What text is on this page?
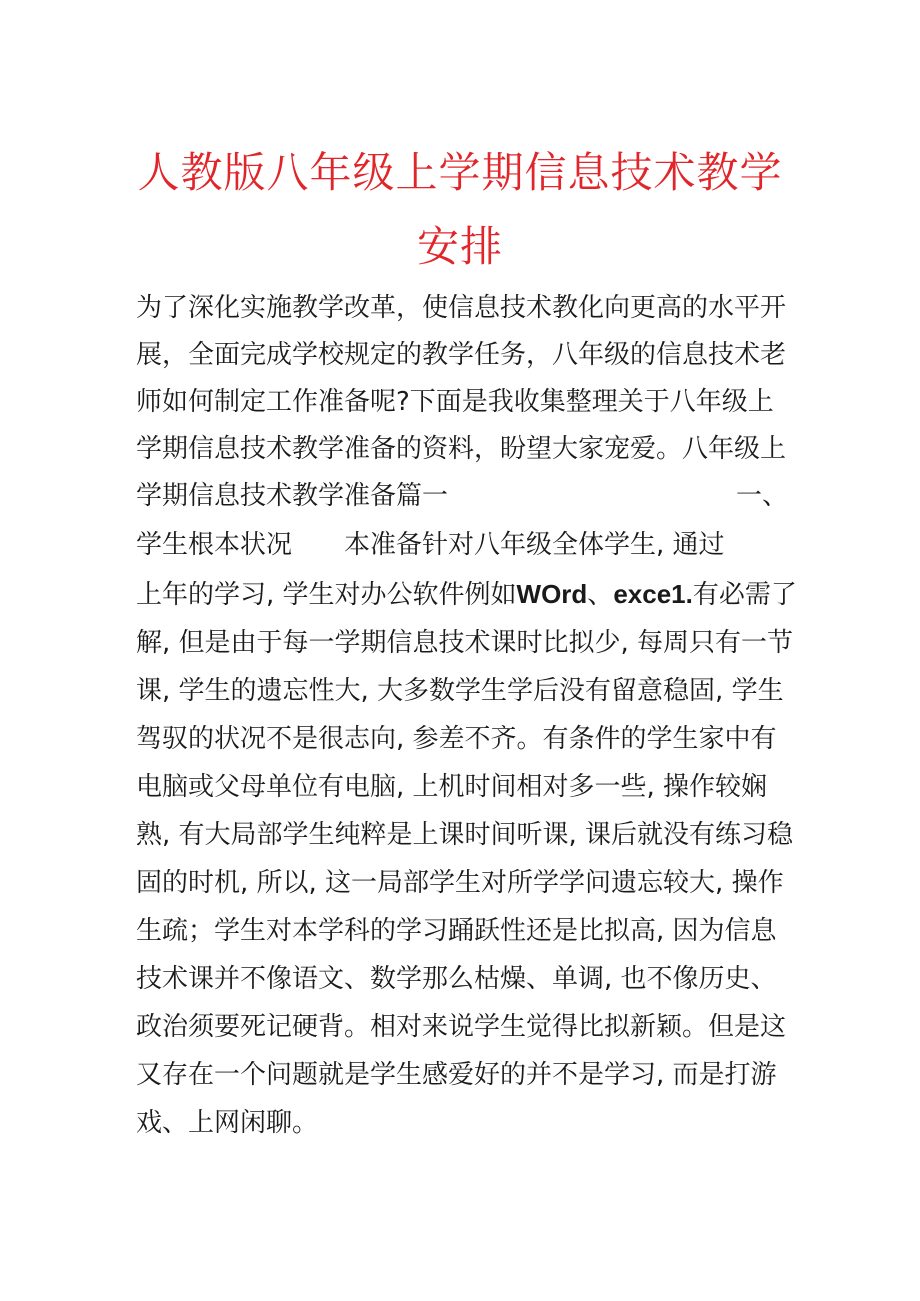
人教版八年级上学期信息技术教学
安排
为了深化实施教学改革，使信息技术教化向更高的水平开
展，全面完成学校规定的教学任务，八年级的信息技术老
师如何制定工作准备呢?下面是我收集整理关于八年级上
学期信息技术教学准备的资料，盼望大家宠爱。八年级上
学期信息技术教学准备篇一	一、
学生根本状况 本准备针对八年级全体学生, 通过
上年的学习, 学生对办公软件例如WOrd、exce1.有必需了
解, 但是由于每一学期信息技术课时比拟少, 每周只有一节
课, 学生的遗忘性大, 大多数学生学后没有留意稳固, 学生
驾驭的状况不是很志向, 参差不齐。有条件的学生家中有
电脑或父母单位有电脑, 上机时间相对多一些, 操作较娴
熟, 有大局部学生纯粹是上课时间听课, 课后就没有练习稳
固的时机, 所以, 这一局部学生对所学学问遗忘较大, 操作
生疏；学生对本学科的学习踊跃性还是比拟高, 因为信息
技术课并不像语文、数学那么枯燥、单调, 也不像历史、
政治须要死记硬背。相对来说学生觉得比拟新颖。但是这
又存在一个问题就是学生感爱好的并不是学习, 而是打游
戏、上网闲聊。
